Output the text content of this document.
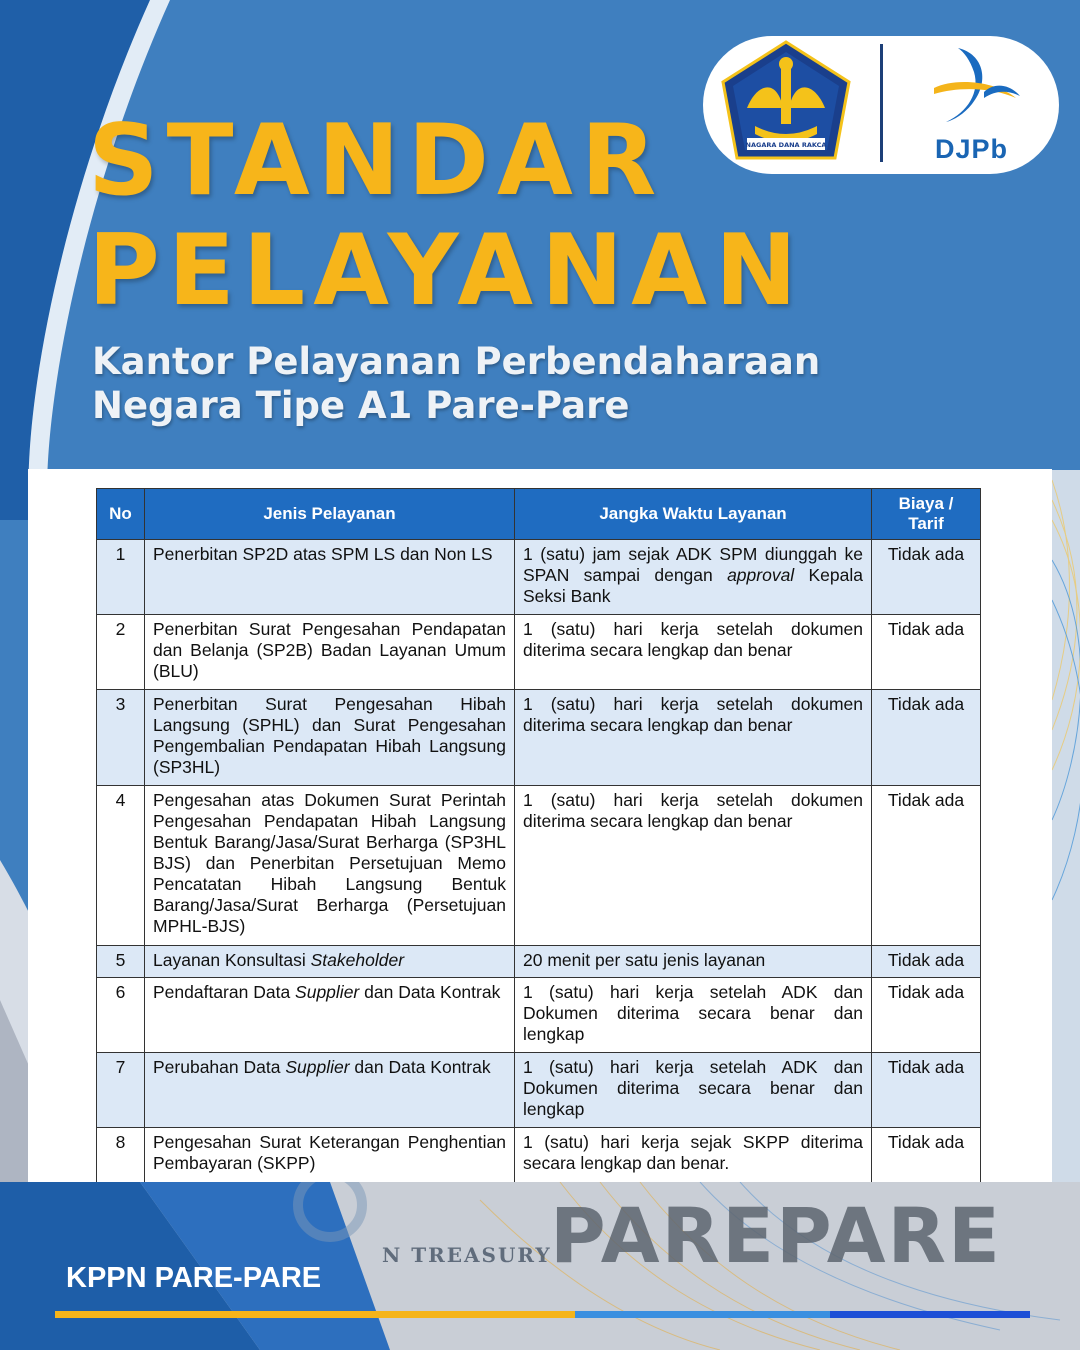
PAREPARE
N TREASURY
STANDAR
PELAYANAN
Kantor Pelayanan Perbendaharaan
Negara Tipe A1 Pare-Pare
NAGARA DANA RAKCA	DJPb
No	Jenis Pelayanan	Jangka Waktu Layanan	Biaya /
Tarif
1	Penerbitan SP2D atas SPM LS dan Non LS	1 (satu) jam sejak ADK SPM diunggah ke SPAN sampai dengan approval Kepala Seksi Bank	Tidak ada
2	Penerbitan Surat Pengesahan Pendapatan dan Belanja (SP2B) Badan Layanan Umum (BLU)	1 (satu) hari kerja setelah dokumen diterima secara lengkap dan benar	Tidak ada
3	Penerbitan Surat Pengesahan Hibah Langsung (SPHL) dan Surat Pengesahan Pengembalian Pendapatan Hibah Langsung (SP3HL)	1 (satu) hari kerja setelah dokumen diterima secara lengkap dan benar	Tidak ada
4	Pengesahan atas Dokumen Surat Perintah Pengesahan Pendapatan Hibah Langsung Bentuk Barang/Jasa/Surat Berharga (SP3HL BJS) dan Penerbitan Persetujuan Memo Pencatatan Hibah Langsung Bentuk Barang/Jasa/Surat Berharga (Persetujuan MPHL-BJS)	1 (satu) hari kerja setelah dokumen diterima secara lengkap dan benar	Tidak ada
5	Layanan Konsultasi Stakeholder	20 menit per satu jenis layanan	Tidak ada
6	Pendaftaran Data Supplier dan Data Kontrak	1 (satu) hari kerja setelah ADK dan Dokumen diterima secara benar dan lengkap	Tidak ada
7	Perubahan Data Supplier dan Data Kontrak	1 (satu) hari kerja setelah ADK dan Dokumen diterima secara benar dan lengkap	Tidak ada
8	Pengesahan Surat Keterangan Penghentian Pembayaran (SKPP)	1 (satu) hari kerja sejak SKPP diterima secara lengkap dan benar.	Tidak ada
KPPN PARE-PARE
